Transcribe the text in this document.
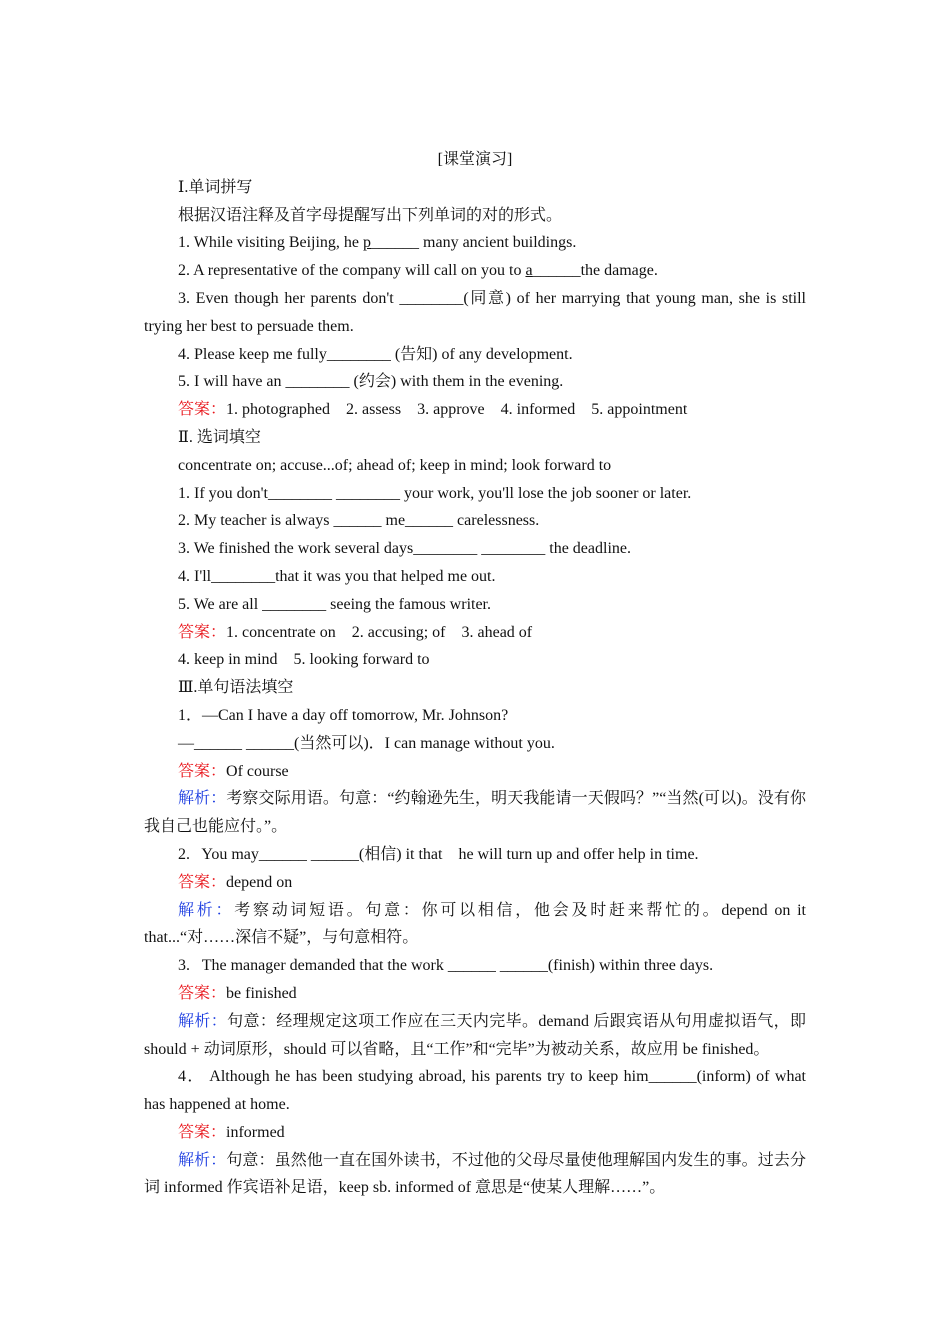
[课堂演习]
Ⅰ.单词拼写
根据汉语注释及首字母提醒写出下列单词的对的形式。
1. While visiting Beijing, he p______ many ancient buildings.
2. A representative of the company will call on you to a______the damage.
3. Even though her parents don't ________(同意) of her marrying that young man, she is still trying her best to persuade them.
4. Please keep me fully________ (告知) of any development.
5. I will have an ________ (约会) with them in the evening.
答案：1. photographed    2. assess    3. approve    4. informed    5. appointment
Ⅱ. 选词填空
concentrate on; accuse...of; ahead of; keep in mind; look forward to
1. If you don't________ ________ your work, you'll lose the job sooner or later.
2. My teacher is always ______ me______ carelessness.
3. We finished the work several days________ ________ the deadline.
4. I'll________that it was you that helped me out.
5. We are all ________ seeing the famous writer.
答案：1. concentrate on    2. accusing; of    3. ahead of
4. keep in mind    5. looking forward to
Ⅲ.单句语法填空
1．—Can I have a day off tomorrow, Mr. Johnson?
—______ ______(当然可以)．I can manage without you.
答案：Of course
解析：考察交际用语。句意：“约翰逊先生，明天我能请一天假吗？”“当然(可以)。没有你我自己也能应付。”。
2.   You may______ ______(相信) it that    he will turn up and offer help in time.
答案：depend on
解析：考察动词短语。句意：你可以相信，他会及时赶来帮忙的。depend on it that...“对……深信不疑”，与句意相符。
3.   The manager demanded that the work ______ ______(finish) within three days.
答案：be finished
解析：句意：经理规定这项工作应在三天内完毕。demand 后跟宾语从句用虚拟语气，即 should + 动词原形，should 可以省略，且“工作”和“完毕”为被动关系，故应用 be finished。
4． Although he has been studying abroad, his parents try to keep him______(inform) of what has happened at home.
答案：informed
解析：句意：虽然他一直在国外读书，不过他的父母尽量使他理解国内发生的事。过去分词 informed 作宾语补足语，keep sb. informed of 意思是“使某人理解……”。
